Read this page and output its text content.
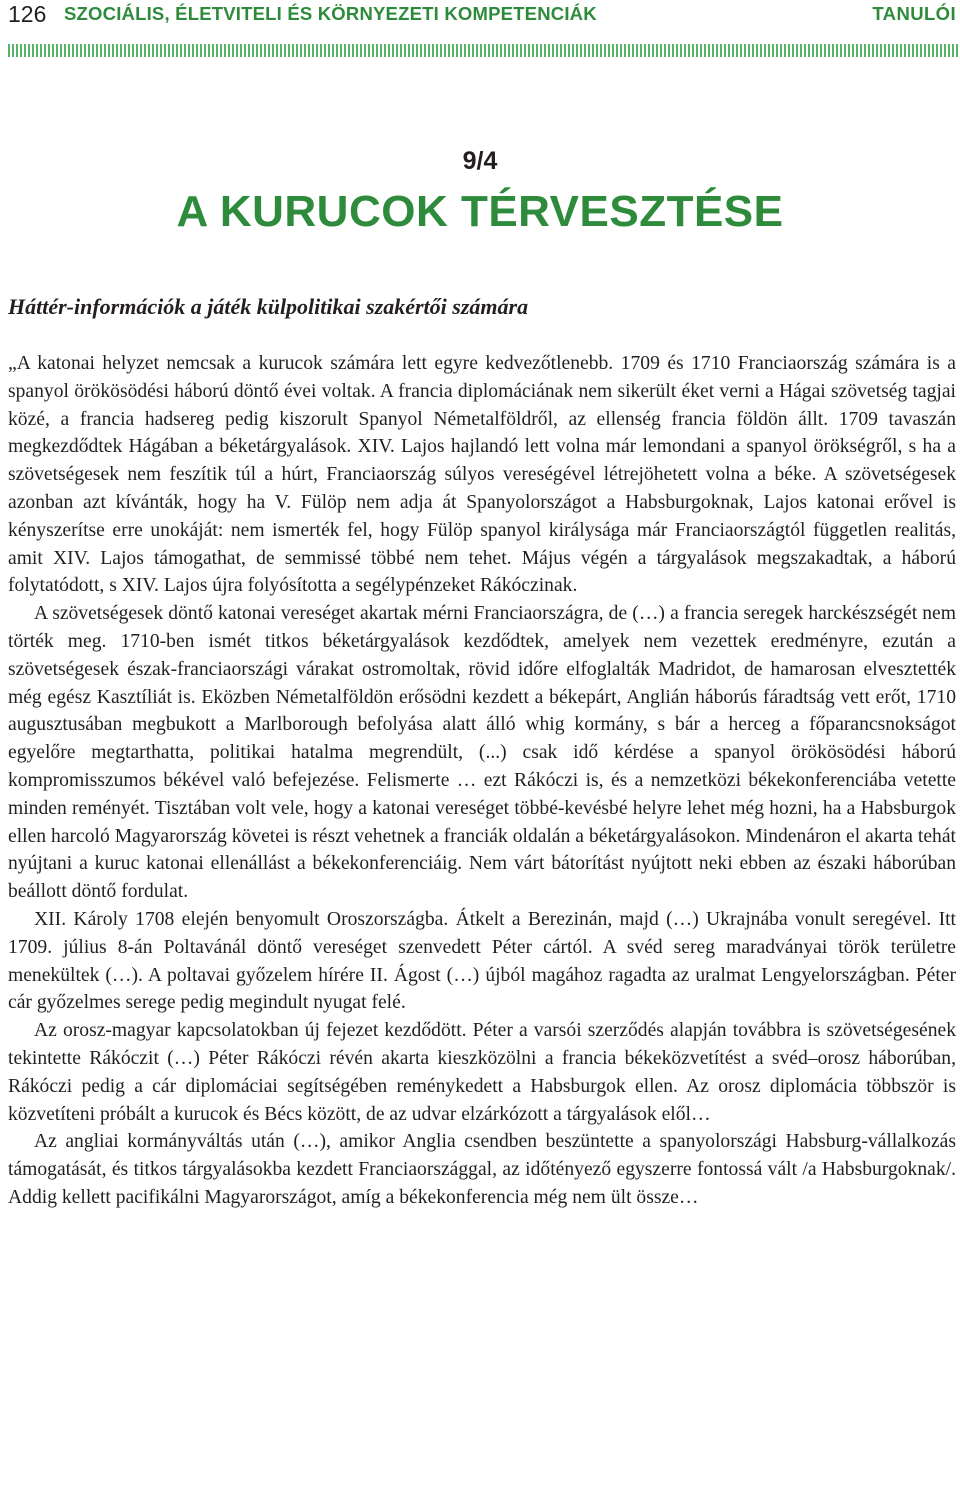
126 SZOCIÁLIS, ÉLETVITELI ÉS KÖRNYEZETI KOMPETENCIÁK	TANULÓI
9/4
A KURUCOK TÉRVESZTÉSE
Háttér-információk a játék külpolitikai szakértői számára

„A katonai helyzet nemcsak a kurucok számára lett egyre kedvezőtlenebb. 1709 és 1710 Franciaország számára is a spanyol örökösödési háború döntő évei voltak. A francia diplomáciának nem sikerült éket verni a Hágai szövetség tagjai közé, a francia hadsereg pedig kiszorult Spanyol Németalföldről, az ellenség francia földön állt. 1709 tavaszán megkezdődtek Hágában a béketárgyalások. XIV. Lajos hajlandó lett volna már lemondani a spanyol örökségről, s ha a szövetségesek nem feszítik túl a húrt, Franciaország súlyos vereségével létrejöhetett volna a béke. A szövetségesek azonban azt kívánták, hogy ha V. Fülöp nem adja át Spanyolországot a Habsburgoknak, Lajos katonai erővel is kényszerítse erre unokáját: nem ismerték fel, hogy Fülöp spanyol királysága már Franciaországtól független realitás, amit XIV. Lajos támogathat, de semmissé többé nem tehet. Május végén a tárgyalások megszakadtak, a háború folytatódott, s XIV. Lajos újra folyósította a segélypénzeket Rákóczinak.

A szövetségesek döntő katonai vereséget akartak mérni Franciaországra, de (…) a francia seregek harckészségét nem törték meg. 1710-ben ismét titkos béketárgyalások kezdődtek, amelyek nem vezettek eredményre, ezután a szövetségesek észak-franciaországi várakat ostromoltak, rövid időre elfoglalták Madridot, de hamarosan elvesztették még egész Kasztíliát is. Eközben Németalföldön erősödni kezdett a békepárt, Anglián háborús fáradtság vett erőt, 1710 augusztusában megbukott a Marlborough befolyása alatt álló whig kormány, s bár a herceg a főparancsnokságot egyelőre megtarthatta, politikai hatalma megrendült, (...) csak idő kérdése a spanyol örökösödési háború kompromisszumos békével való befejezése. Felismerte … ezt Rákóczi is, és a nemzetközi békekonferenciába vetette minden reményét. Tisztában volt vele, hogy a katonai vereséget többé-kevésbé helyre lehet még hozni, ha a Habsburgok ellen harcoló Magyarország követei is részt vehetnek a franciák oldalán a béketárgyalásokon. Mindenáron el akarta tehát nyújtani a kuruc katonai ellenállást a békekonferenciáig. Nem várt bátorítást nyújtott neki ebben az északi háborúban beállott döntő fordulat.

XII. Károly 1708 elején benyomult Oroszországba. Átkelt a Berezinán, majd (…) Ukrajnába vonult seregével. Itt 1709. július 8-án Poltavánál döntő vereséget szenvedett Péter cártól. A svéd sereg maradványai török területre menekültek (…). A poltavai győzelem hírére II. Ágost (…) újból magához ragadta az uralmat Lengyelországban. Péter cár győzelmes serege pedig megindult nyugat felé.

Az orosz-magyar kapcsolatokban új fejezet kezdődött. Péter a varsói szerződés alapján továbbra is szövetségesének tekintette Rákóczit (…) Péter Rákóczi révén akarta kieszközölni a francia békeközvetítést a svéd–orosz háborúban, Rákóczi pedig a cár diplomáciai segítségében reménykedett a Habsburgok ellen. Az orosz diplomácia többször is közvetíteni próbált a kurucok és Bécs között, de az udvar elzárkózott a tárgyalások elől…

Az angliai kormányváltás után (…), amikor Anglia csendben beszüntette a spanyolországi Habsburg-vállalkozás támogatását, és titkos tárgyalásokba kezdett Franciaországgal, az időtényező egyszerre fontossá vált /a Habsburgoknak/. Addig kellett pacifikálni Magyarországot, amíg a békekonferencia még nem ült össze…
